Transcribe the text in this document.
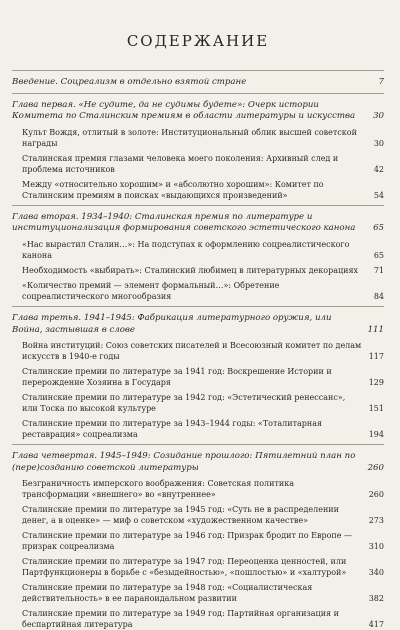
СОДЕРЖАНИЕ
Введение. Соцреализм в отдельно взятой стране	7
Глава первая. «Не судите, да не судимы будете»: Очерк истории Комитета по Сталинским премиям в области литературы и искусства	30
Культ Вождя, отлитый в золоте: Институциональный облик высшей советской награды	30
Сталинская премия глазами человека моего поколения: Архивный след и проблема источников	42
Между «относительно хорошим» и «абсолютно хорошим»: Комитет по Сталинским премиям в поисках «выдающихся произведений»	54
Глава вторая. 1934–1940: Сталинская премия по литературе и институционализация формирования советского эстетического канона	65
«Нас вырастил Сталин…»: На подступах к оформлению соцреалистического канона	65
Необходимость «выбирать»: Сталинский любимец в литературных декорациях	71
«Количество премий — элемент формальный…»: Обретение соцреалистического многообразия	84
Глава третья. 1941–1945: Фабрикация литературного оружия, или Война, застывшая в слове	111
Война институций: Союз советских писателей и Всесоюзный комитет по делам искусств в 1940-е годы	117
Сталинские премии по литературе за 1941 год: Воскрешение Истории и перерождение Хозяина в Государя	129
Сталинские премии по литературе за 1942 год: «Эстетический ренессанс», или Тоска по высокой культуре	151
Сталинские премии по литературе за 1943–1944 годы: «Тоталитарная реставрация» соцреализма	194
Глава четвертая. 1945–1949: Созидание прошлого: Пятилетний план по (пере)созданию советской литературы	260
Безграничность имперского воображения: Советская политика трансформации «внешнего» во «внутреннее»	260
Сталинские премии по литературе за 1945 год: «Суть не в распределении денег, а в оценке» — миф о советском «художественном качестве»	273
Сталинские премии по литературе за 1946 год: Призрак бродит по Европе — призрак соцреализма	310
Сталинские премии по литературе за 1947 год: Переоценка ценностей, или Партфункционеры в борьбе с «безыдейностью», «пошлостью» и «халтурой»	340
Сталинские премии по литературе за 1948 год: «Социалистическая действительность» в ее параноидальном развитии	382
Сталинские премии по литературе за 1949 год: Партийная организация и беспартийная литература	417
